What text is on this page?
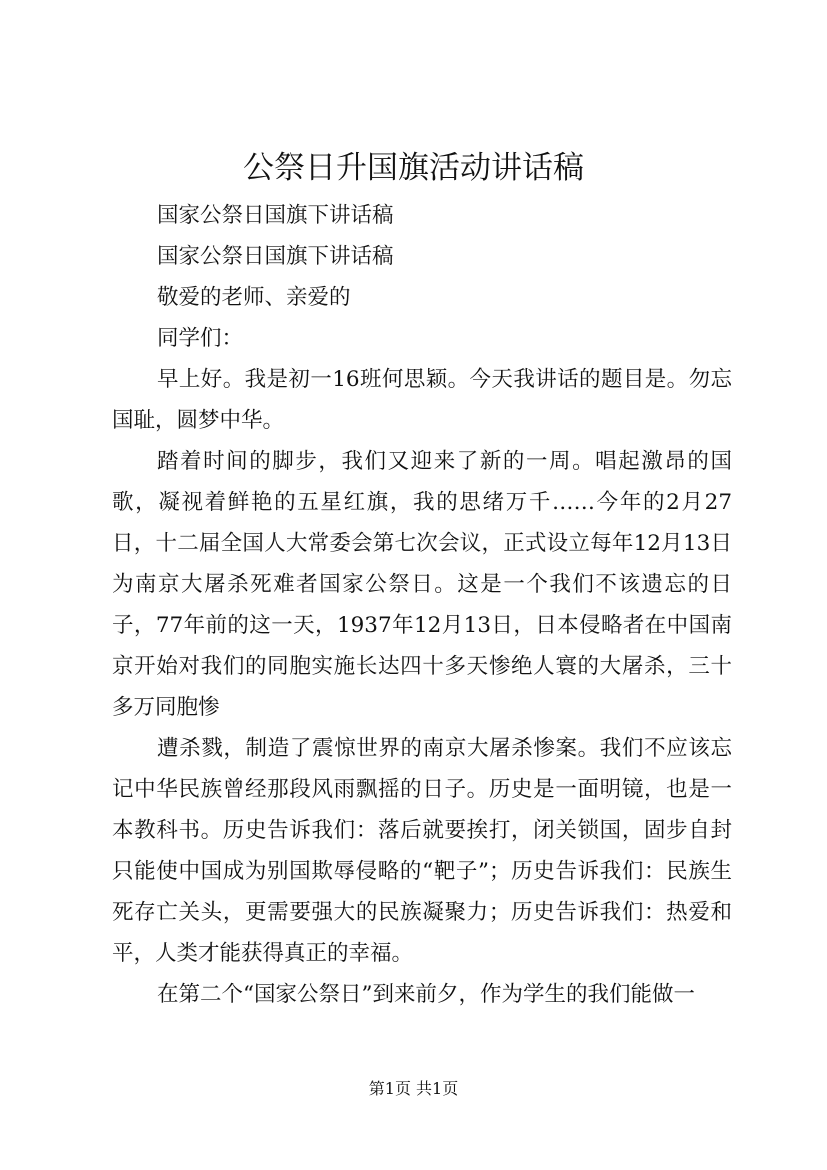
公祭日升国旗活动讲话稿

国家公祭日国旗下讲话稿

国家公祭日国旗下讲话稿

敬爱的老师、亲爱的

同学们：

早上好。我是初一16班何思颖。今天我讲话的题目是。勿忘国耻，圆梦中华。

踏着时间的脚步，我们又迎来了新的一周。唱起激昂的国歌，凝视着鲜艳的五星红旗，我的思绪万千……今年的2月27日，十二届全国人大常委会第七次会议，正式设立每年12月13日为南京大屠杀死难者国家公祭日。这是一个我们不该遗忘的日子，77年前的这一天，1937年12月13日，日本侵略者在中国南京开始对我们的同胞实施长达四十多天惨绝人寰的大屠杀，三十多万同胞惨

遭杀戮，制造了震惊世界的南京大屠杀惨案。我们不应该忘记中华民族曾经那段风雨飘摇的日子。历史是一面明镜，也是一本教科书。历史告诉我们：落后就要挨打，闭关锁国，固步自封只能使中国成为别国欺辱侵略的“靶子”；历史告诉我们：民族生死存亡关头，更需要强大的民族凝聚力；历史告诉我们：热爱和平，人类才能获得真正的幸福。

在第二个“国家公祭日”到来前夕，作为学生的我们能做一

第1页 共1页
